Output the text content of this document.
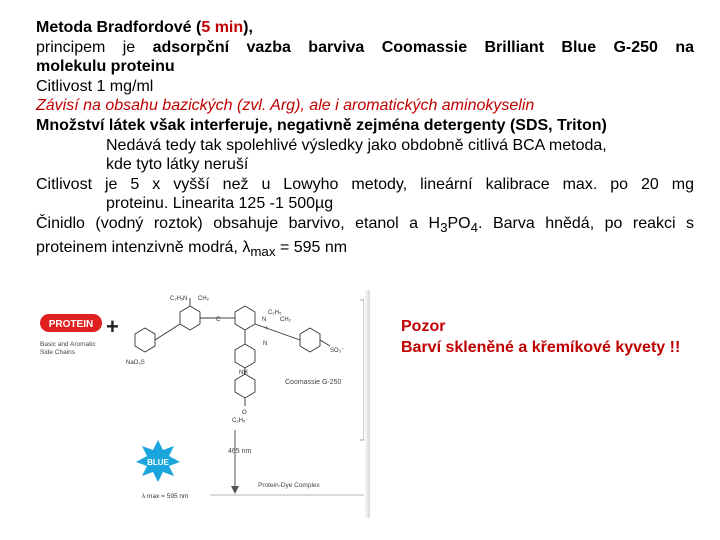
Metoda Bradfordové (5 min),
principem je adsorpční vazba barviva Coomassie Brilliant Blue G-250 na
molekulu proteinu
Citlivost 1 mg/ml
Závisí na obsahu bazických (zvl. Arg), ale i aromatických aminokyselin
Množství látek však interferuje, negativně zejména detergenty (SDS, Triton)
Nedává tedy tak spolehlivé výsledky jako obdobně citlivá BCA metoda,
kde tyto látky neruší
Citlivost je 5 x vyšší než u Lowyho metody, lineární kalibrace max. po 20 mg
proteinu. Linearita 125 -1 500µg
Činidlo (vodný roztok) obsahuje barvivo, etanol a $H_3PO_4$. Barva hnědá, po reakci s
proteinem intenzivně modrá, $\lambda_{max} = 595$ nm
Pozor
Barví skleněné a křemíkové kyvety !!
PROTEIN +
Basic and Aromatic
Side Chains
N
C₂H₅ CH₂
C	N
C₂H₅
CH₂
+
NaO₃S
SO₃⁻
NH
O
C₂H₅
N
Coomassie G-250
465 nm
BLUE
λ max = 595 nm
Protein-Dye Complex
